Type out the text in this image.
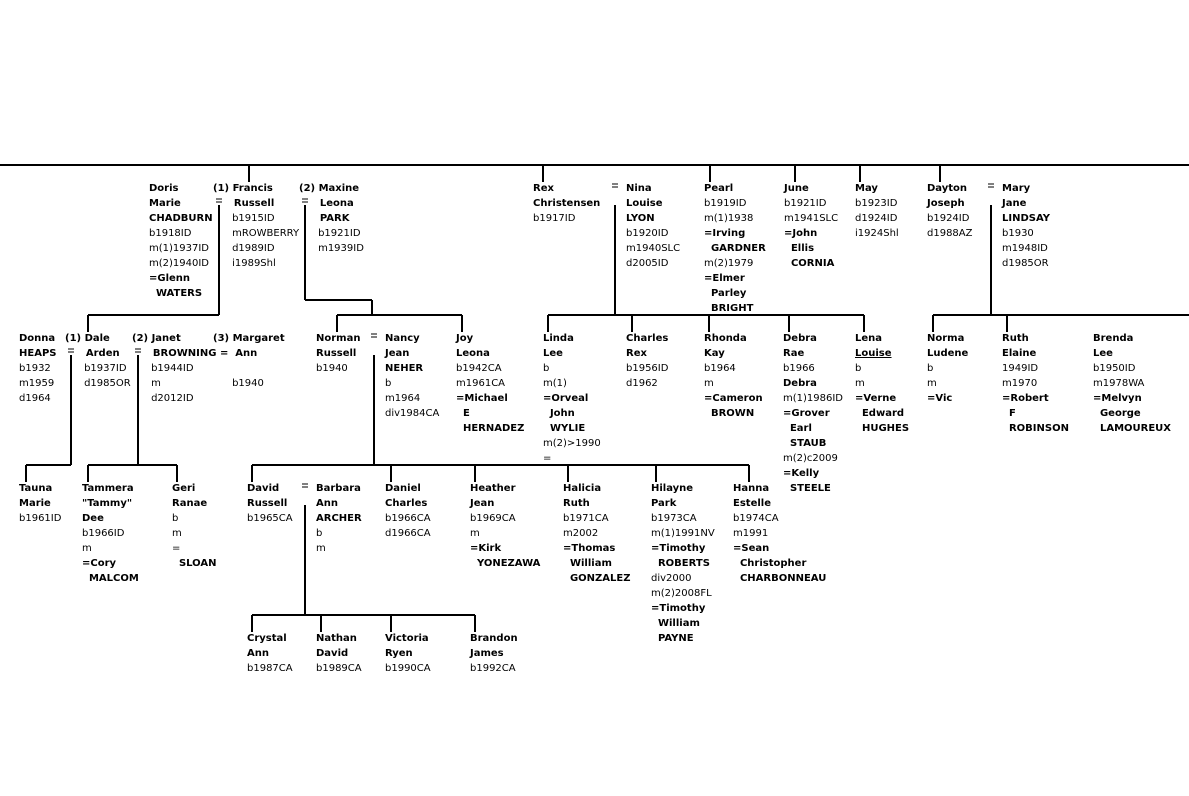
Doris
Marie
CHADBURN
b1918ID
m(1)1937ID
m(2)1940ID
=Glenn
WATERS
(1) Francis
Russell
b1915ID
mROWBERRY
d1989ID
i1989Shl
(2) Maxine
Leona
PARK
b1921ID
m1939ID
Rex
Christensen
b1917ID
Nina
Louise
LYON
b1920ID
m1940SLC
d2005ID
Pearl
b1919ID
m(1)1938
=Irving
GARDNER
m(2)1979
=Elmer
Parley
BRIGHT
June
b1921ID
m1941SLC
=John
Ellis
CORNIA
May
b1923ID
d1924ID
i1924Shl
Dayton
Joseph
b1924ID
d1988AZ
Mary
Jane
LINDSAY
b1930
m1948ID
d1985OR
Donna
HEAPS
b1932
m1959
d1964
(1) Dale
Arden
b1937ID
d1985OR
(2) Janet
BROWNING
b1944ID
m
d2012ID
(3) Margaret
=  Ann

b1940
Norman
Russell
b1940
Nancy
Jean
NEHER
b
m1964
div1984CA
Joy
Leona
b1942CA
m1961CA
=Michael
E
HERNADEZ
Linda
Lee
b
m(1)
=Orveal
John
WYLIE
m(2)>1990
=
Charles
Rex
b1956ID
d1962
Rhonda
Kay
b1964
m
=Cameron
BROWN
Debra
Rae
b1966
Debra
m(1)1986ID
=Grover
Earl
STAUB
m(2)c2009
=Kelly
STEELE
Lena
Louise
b
m
=Verne
Edward
HUGHES
Norma
Ludene
b
m
=Vic
Ruth
Elaine
1949ID
m1970
=Robert
F
ROBINSON
Brenda
Lee
b1950ID
m1978WA
=Melvyn
George
LAMOUREUX
Tauna
Marie
b1961ID
Tammera
"Tammy"
Dee
b1966ID
m
=Cory
MALCOM
Geri
Ranae
b
m
=
SLOAN
David
Russell
b1965CA
Barbara
Ann
ARCHER
b
m
Daniel
Charles
b1966CA
d1966CA
Heather
Jean
b1969CA
m
=Kirk
YONEZAWA
Halicia
Ruth
b1971CA
m2002
=Thomas
William
GONZALEZ
Hilayne
Park
b1973CA
m(1)1991NV
=Timothy
ROBERTS
div2000
m(2)2008FL
=Timothy
William
PAYNE
Hanna
Estelle
b1974CA
m1991
=Sean
Christopher
CHARBONNEAU
Crystal
Ann
b1987CA
Nathan
David
b1989CA
Victoria
Ryen
b1990CA
Brandon
James
b1992CA
